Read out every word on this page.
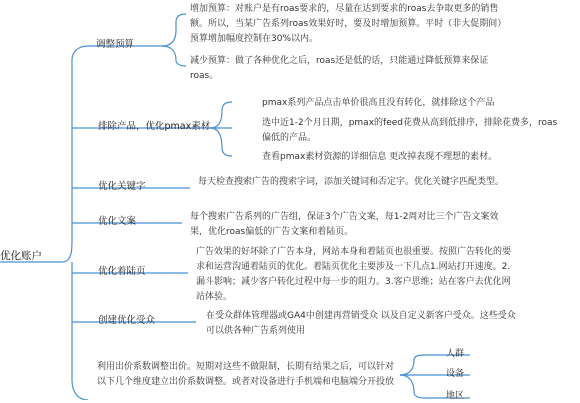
优化账户
调整预算
排除产品，优化pmax素材
优化关键字
优化文案
优化着陆页
创建优化受众
增加预算：对账户是有roas要求的，尽量在达到要求的roas去争取更多的销售额。所以，当某广告系列roas效果好时，要及时增加预算。平时（非大促期间）预算增加幅度控制在30%以内。
减少预算：做了各种优化之后，roas还是低的话，只能通过降低预算来保证roas。
pmax系列产品点击单价很高且没有转化，就排除这个产品
选中近1-2个月日期，pmax的feed花费从高到低排序，排除花费多，roas偏低的产品。
查看pmax素材资源的详细信息 更改掉表现不理想的素材。
每天检查搜索广告的搜索字词，添加关键词和否定字。优化关键字匹配类型。
每个搜索广告系列的广告组，保证3个广告文案，每1-2周对比三个广告文案效果，优化roas偏低的广告文案和着陆页。
广告效果的好坏除了广告本身，网站本身和着陆页也很重要。按照广告转化的要求和运营沟通着陆页的优化。着陆页优化主要涉及一下几点1.网站打开速度。2.漏斗影响；减少客户转化过程中每一步的阻力。3.客户思维；站在客户去优化网站体验。
在受众群体管理器或GA4中创建再营销受众 以及自定义新客户受众。这些受众可以供各种广告系列使用
利用出价系数调整出价。短期对这些不做限制，长期有结果之后，可以针对以下几个维度建立出价系数调整。或者对设备进行手机端和电脑端分开投放
人群
设备
地区
